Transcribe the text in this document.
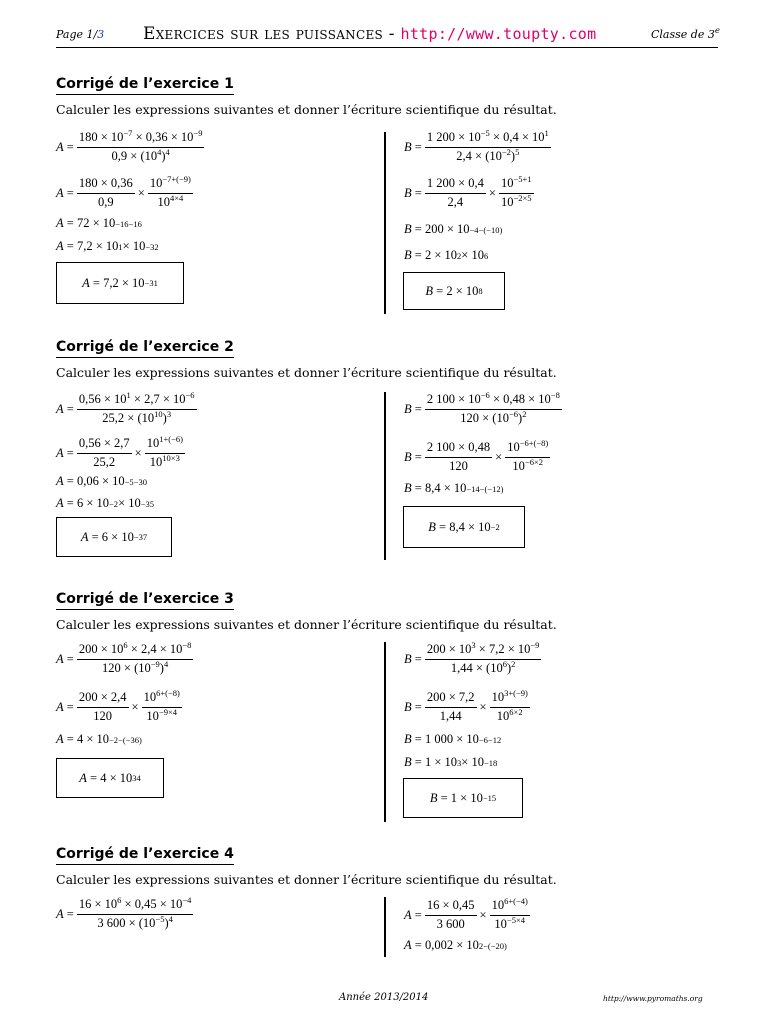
Page 1/3 Exercices sur les puissances - http://www.toupty.com	Classe de 3e
Corrigé de l’exercice 1
Calculer les expressions suivantes et donner l’écriture scientifique du résultat.
$A = \frac{180 \times 10^{-7} \times 0,36 \times 10^{-9}}{0,9 \times (10^4)^4}$
$A = \frac{180 \times 0,36}{0,9} \times \frac{10^{-7+(-9)}}{10^{4\times 4}}$
A = 72 × 10 −16−16
A = 7,2 × 10 1 × 10 −32
A = 7,2 × 10 −31
$B = \frac{1 200 \times 10^{-5} \times 0,4 \times 10^1}{2,4 \times (10^{-2})^5}$
$B = \frac{1 200 \times 0,4}{2,4} \times \frac{10^{-5+1}}{10^{-2\times 5}}$
B = 200 × 10 −4−(−10)
B = 2 × 10 2 × 10 6
B = 2 × 10 8
Corrigé de l’exercice 2
Calculer les expressions suivantes et donner l’écriture scientifique du résultat.
$A = \frac{0,56 \times 10^1 \times 2,7 \times 10^{-6}}{25,2 \times (10^{10})^3}$
$A = \frac{0,56 \times 2,7}{25,2} \times \frac{10^{1+(-6)}}{10^{10\times 3}}$
A = 0,06 × 10 −5−30
A = 6 × 10 −2 × 10 −35
A = 6 × 10 −37
$B = \frac{2 100 \times 10^{-6} \times 0,48 \times 10^{-8}}{120 \times (10^{-6})^2}$
$B = \frac{2 100 \times 0,48}{120} \times \frac{10^{-6+(-8)}}{10^{-6\times 2}}$
B = 8,4 × 10 −14−(−12)
B = 8,4 × 10 −2
Corrigé de l’exercice 3
Calculer les expressions suivantes et donner l’écriture scientifique du résultat.
$A = \frac{200 \times 10^6 \times 2,4 \times 10^{-8}}{120 \times (10^{-9})^4}$
$A = \frac{200 \times 2,4}{120} \times \frac{10^{6+(-8)}}{10^{-9\times 4}}$
A = 4 × 10 −2−(−36)
A = 4 × 10 34
$B = \frac{200 \times 10^3 \times 7,2 \times 10^{-9}}{1,44 \times (10^6)^2}$
$B = \frac{200 \times 7,2}{1,44} \times \frac{10^{3+(-9)}}{10^{6\times 2}}$
B = 1 000 × 10 −6−12
B = 1 × 10 3 × 10 −18
B = 1 × 10 −15
Corrigé de l’exercice 4
Calculer les expressions suivantes et donner l’écriture scientifique du résultat.
$A = \frac{16 \times 10^6 \times 0,45 \times 10^{-4}}{3 600 \times (10^{-5})^4}$	$A = \frac{16 \times 0,45}{3 600} \times \frac{10^{6+(-4)}}{10^{-5\times 4}}$
A = 0,002 × 10 2−(−20)
Année 2013/2014	http://www.pyromaths.org
